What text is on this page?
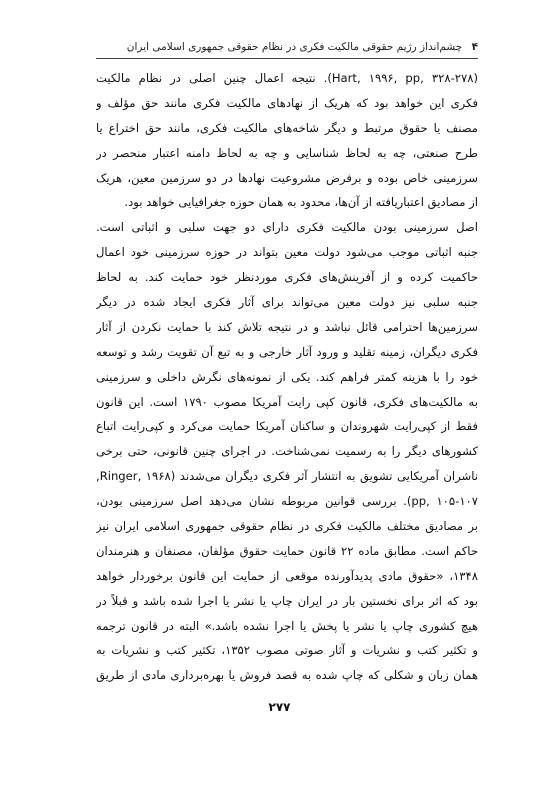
۴ چشم‌انداز رژیم حقوقی مالکیت فکری در نظام حقوقی جمهوری اسلامی ایران
(Hart, ۱۹۹۶, pp, ۳۲۸-۲۷۸). نتیجه اعمال چنین اصلی در نظام مالکیت
فکری این خواهد بود که هریک از نهادهای مالکیت فکری مانند حق مؤلف و
مصنف یا حقوق مرتبط و دیگر شاخه‌های مالکیت فکری، مانند حق اختراع یا
طرح صنعتی، چه به لحاظ شناسایی و چه به لحاظ دامنه اعتبار منحصر در
سرزمینی خاص بوده و برفرض مشروعیت نهادها در دو سرزمین معین، هریک
از مصادیق اعتباریافته از آن‌ها، محدود به همان حوزه جغرافیایی خواهد بود.
اصل سرزمینی بودن مالکیت فکری دارای دو جهت سلبی و اثباتی است.
جنبه اثباتی موجب می‌شود دولت معین بتواند در حوزه سرزمینی خود اعمال
حاکمیت کرده و از آفرینش‌های فکری موردنظر خود حمایت کند. به لحاظ
جنبه سلبی نیز دولت معین می‌تواند برای آثار فکری ایجاد شده در دیگر
سرزمین‌ها احترامی قائل نباشد و در نتیجه تلاش کند با حمایت نکردن از آثار
فکری دیگران، زمینه تقلید و ورود آثار خارجی و به تبع آن تقویت رشد و توسعه
خود را با هزینه کمتر فراهم کند. یکی از نمونه‌های نگرش داخلی و سرزمینی
به مالکیت‌های فکری، قانون کپی رایت آمریکا مصوب ۱۷۹۰ است. این قانون
فقط از کپی‌رایت شهروندان و ساکنان آمریکا حمایت می‌کرد و کپی‌رایت اتباع
کشورهای دیگر را به رسمیت نمی‌شناخت. در اجرای چنین قانونی، حتی برخی
ناشران آمریکایی تشویق به انتشار آثر فکری دیگران می‌شدند (Ringer, ۱۹۶۸,
pp, ۱۰۵-۱۰۷). بررسی قوانین مربوطه نشان می‌دهد اصل سرزمینی بودن،
بر مصادیق مختلف مالکیت فکری در نظام حقوقی جمهوری اسلامی ایران نیز
حاکم است. مطابق ماده ۲۲ قانون حمایت حقوق مؤلفان، مصنفان و هنرمندان
۱۳۴۸، «حقوق مادی پدیدآورنده موقعی از حمایت این قانون برخوردار خواهد
بود که اثر برای نخستین بار در ایران چاپ یا نشر یا اجرا شده باشد و قبلاً در
هیچ کشوری چاپ یا نشر یا پخش یا اجرا نشده باشد.» البته در قانون ترجمه
و تکثیر کتب و نشریات و آثار صوتی مصوب ۱۳۵۲، تکثیر کتب و نشریات به
همان زبان و شکلی که چاپ شده به قصد فروش یا بهره‌برداری مادی از طریق
۲۷۷
